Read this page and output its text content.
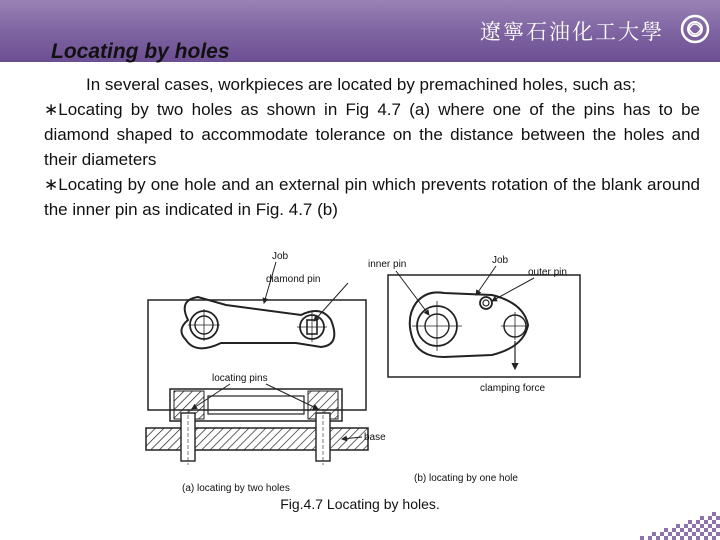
遼寧石油化工大學
Locating by holes

In several cases, workpieces are located by premachined holes, such as;

∗Locating by two holes as shown in Fig 4.7 (a) where one of the pins has to be diamond shaped to accommodate tolerance on the distance between the holes and their diameters

∗Locating by one hole and an external pin which prevents rotation of the blank around the inner pin as indicated in Fig. 4.7 (b)

Job
diamond pin
locating pins
base
(a) locating by two holes
inner pin	Job
outer pin
clamping force
(b) locating by one hole
Fig.4.7 Locating by holes.
